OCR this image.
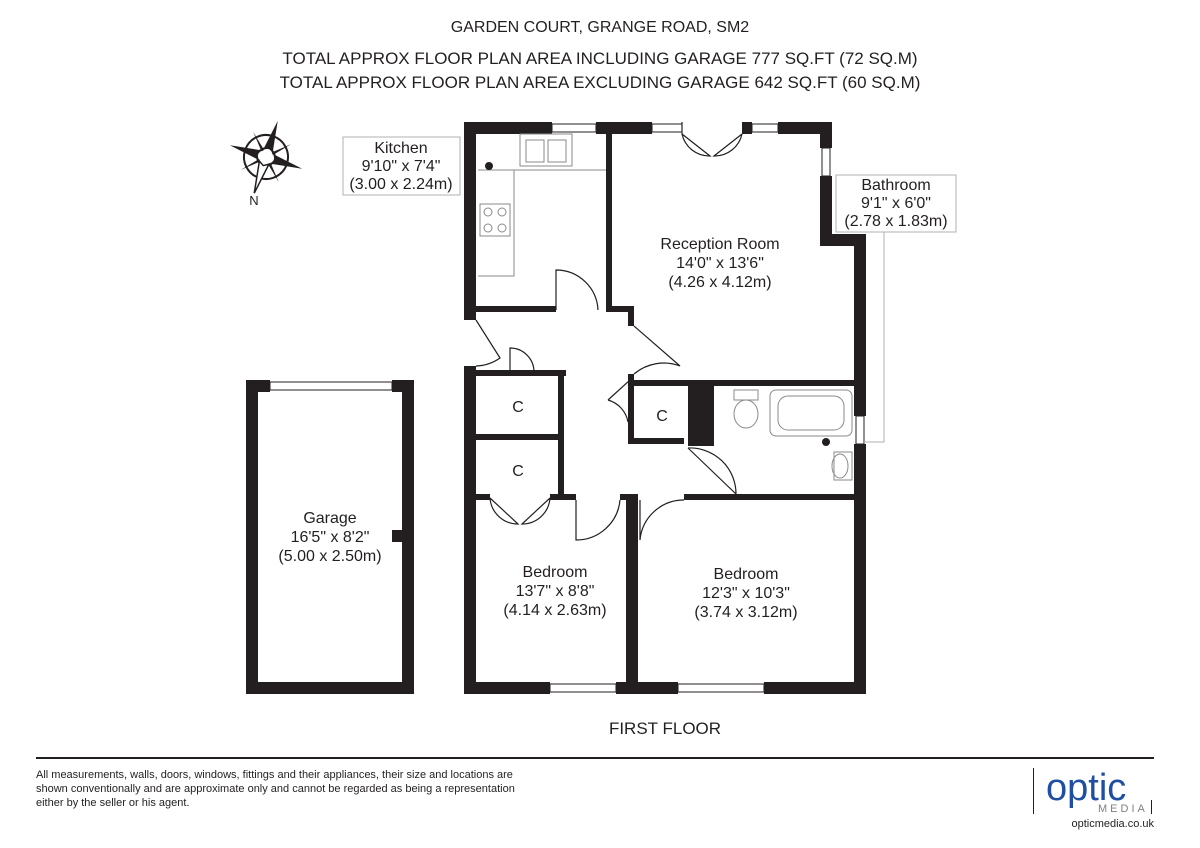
GARDEN COURT, GRANGE ROAD, SM2
TOTAL APPROX FLOOR PLAN AREA INCLUDING GARAGE 777 SQ.FT (72 SQ.M)
TOTAL APPROX FLOOR PLAN AREA EXCLUDING GARAGE 642 SQ.FT (60 SQ.M)
N
Kitchen
9'10" x 7'4"
(3.00 x 2.24m)	Bathroom
9'1" x 6'0"
(2.78 x 1.83m)
Reception Room
14'0" x 13'6"
(4.26 x 4.12m)
Garage
16'5" x 8'2"
(5.00 x 2.50m)
Bedroom
13'7" x 8'8"
(4.14 x 2.63m)
Bedroom
12'3" x 10'3"
(3.74 x 3.12m)
C
C
C
FIRST FLOOR
All measurements, walls, doors, windows, fittings and their appliances, their size and locations are
shown conventionally and are approximate only and cannot be regarded as being a representation
either by the seller or his agent.	optic
MEDIA
opticmedia.co.uk
